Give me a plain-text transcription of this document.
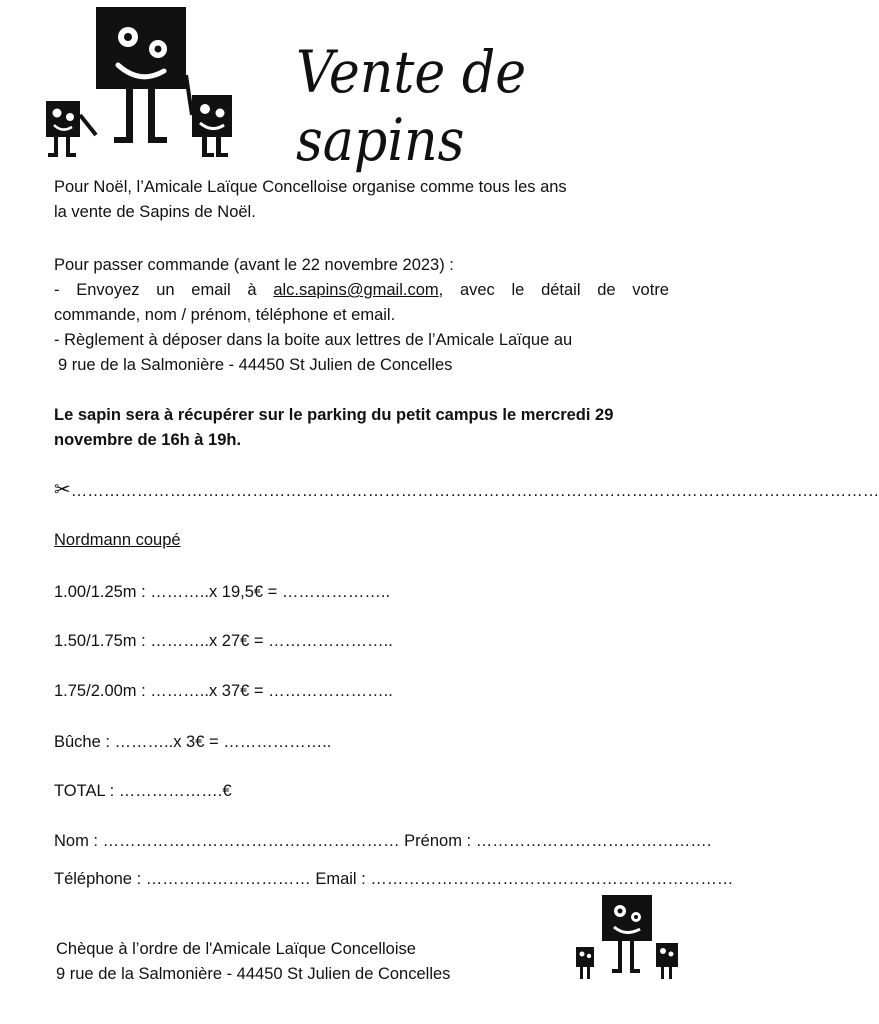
Vente de sapins
Pour Noël, l’Amicale Laïque Concelloise organise comme tous les ans
la vente de Sapins de Noël.
Pour passer commande (avant le 22 novembre 2023) :
- Envoyez un email à alc.sapins@gmail.com, avec le détail de votre
commande, nom / prénom, téléphone et email.
- Règlement à déposer dans la boite aux lettres de l’Amicale Laïque au
9 rue de la Salmonière - 44450 St Julien de Concelles
Le sapin sera à récupérer sur le parking du petit campus le mercredi 29
novembre de 16h à 19h.
✂…………………………………………………………………………………………………………………………………
Nordmann coupé
1.00/1.25m : ………..x 19,5€ = ………………..
1.50/1.75m : ………..x 27€ = …………………..
1.75/2.00m : ………..x 37€ = …………………..
Bûche : ………..x 3€ = ………………..
TOTAL : ……………….€
Nom : ……………………………………………… Prénom : …………………………………….
Téléphone : ………………………… Email : …………………………………………………………
Chèque à l’ordre de l'Amicale Laïque Concelloise
9 rue de la Salmonière - 44450 St Julien de Concelles
